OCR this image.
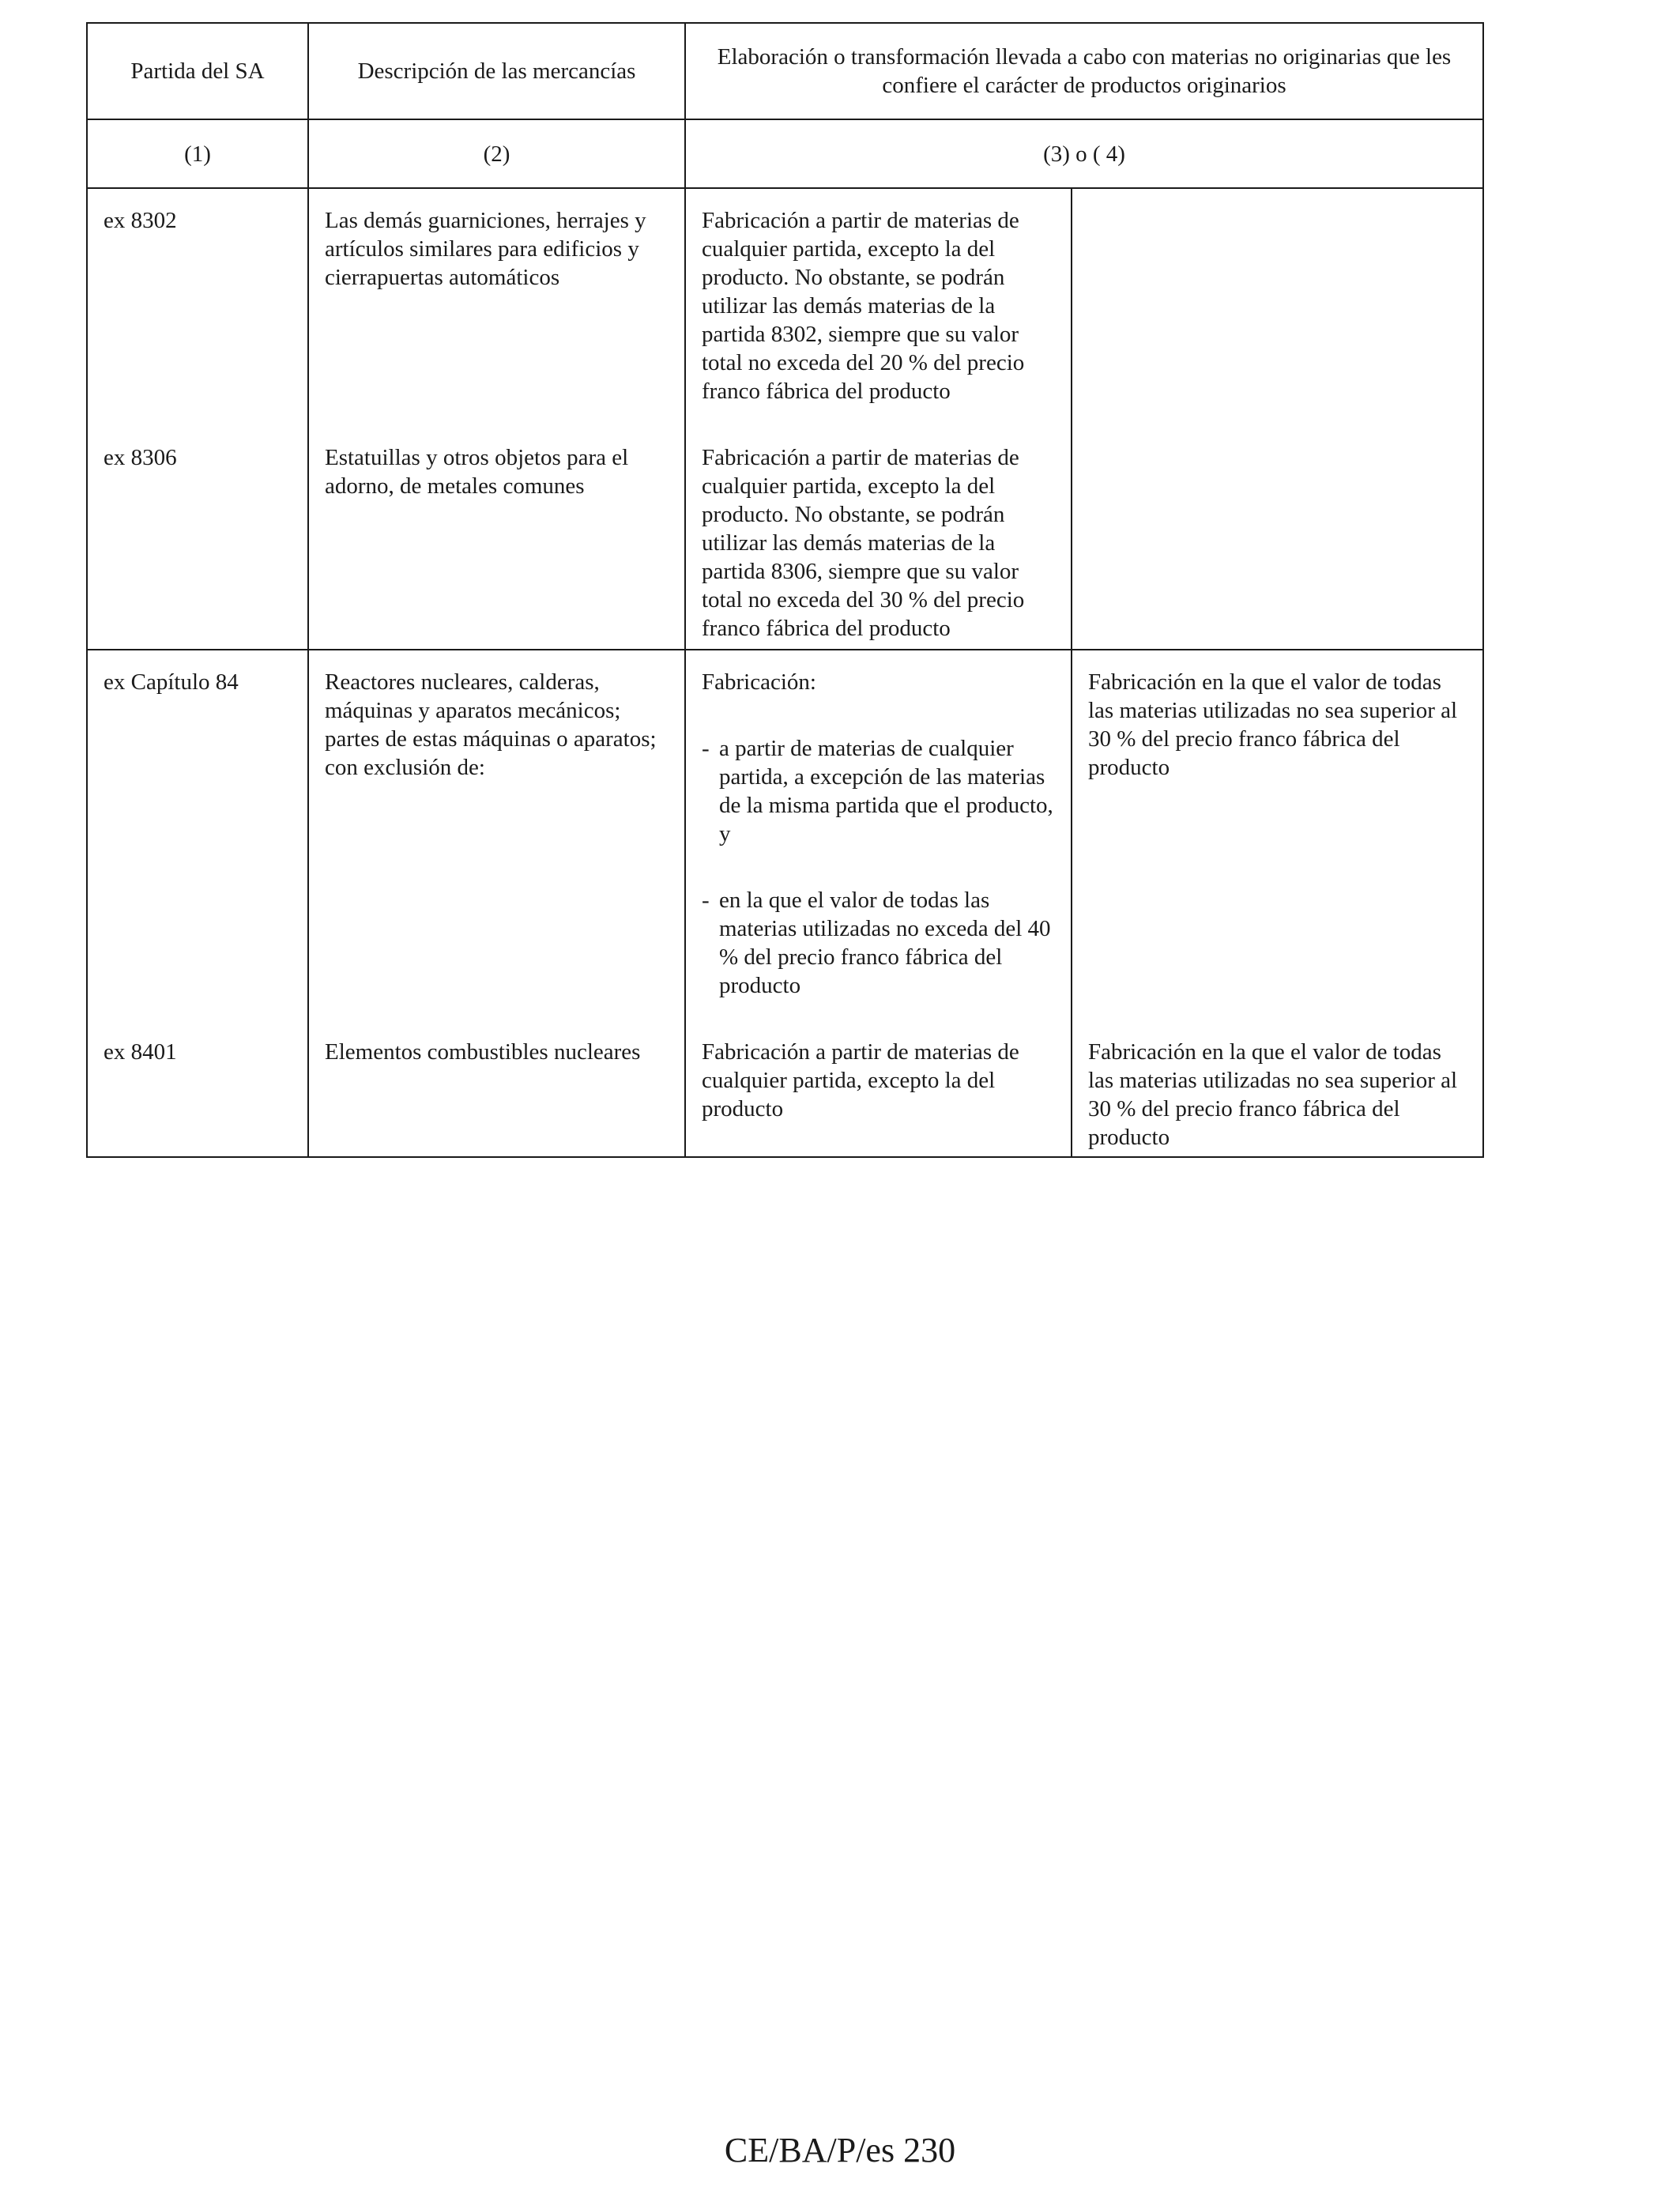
Partida del SA	Descripción de las mercancías	Elaboración o transformación llevada a cabo con materias no originarias que les confiere el carácter de productos originarios	
(1)	(2)	(3) o ( 4)	
ex 8302	Las demás guarniciones, herrajes y artículos similares para edificios y cierrapuertas automáticos	Fabricación a partir de materias de cualquier partida, excepto la del producto. No obstante, se podrán utilizar las demás materias de la partida 8302, siempre que su valor total no exceda del 20 % del precio franco fábrica del producto	
ex 8306	Estatuillas y otros objetos para el adorno, de metales comunes	Fabricación a partir de materias de cualquier partida, excepto la del producto. No obstante, se podrán utilizar las demás materias de la partida 8306, siempre que su valor total no exceda del 30 % del precio franco fábrica del producto	
ex Capítulo 84	Reactores nucleares, calderas, máquinas y aparatos mecánicos; partes de estas máquinas o aparatos; con exclusión de:	Fabricación:

- a partir de materias de cualquier partida, a excepción de las materias de la misma partida que el producto, y
- en la que el valor de todas las materias utilizadas no exceda del 40 % del precio franco fábrica del producto	Fabricación en la que el valor de todas las materias utilizadas no sea superior al 30 % del precio franco fábrica del producto
ex 8401	Elementos combustibles nucleares	Fabricación a partir de materias de cualquier partida, excepto la del producto	Fabricación en la que el valor de todas las materias utilizadas no sea superior al 30 % del precio franco fábrica del producto
CE/BA/P/es 230
